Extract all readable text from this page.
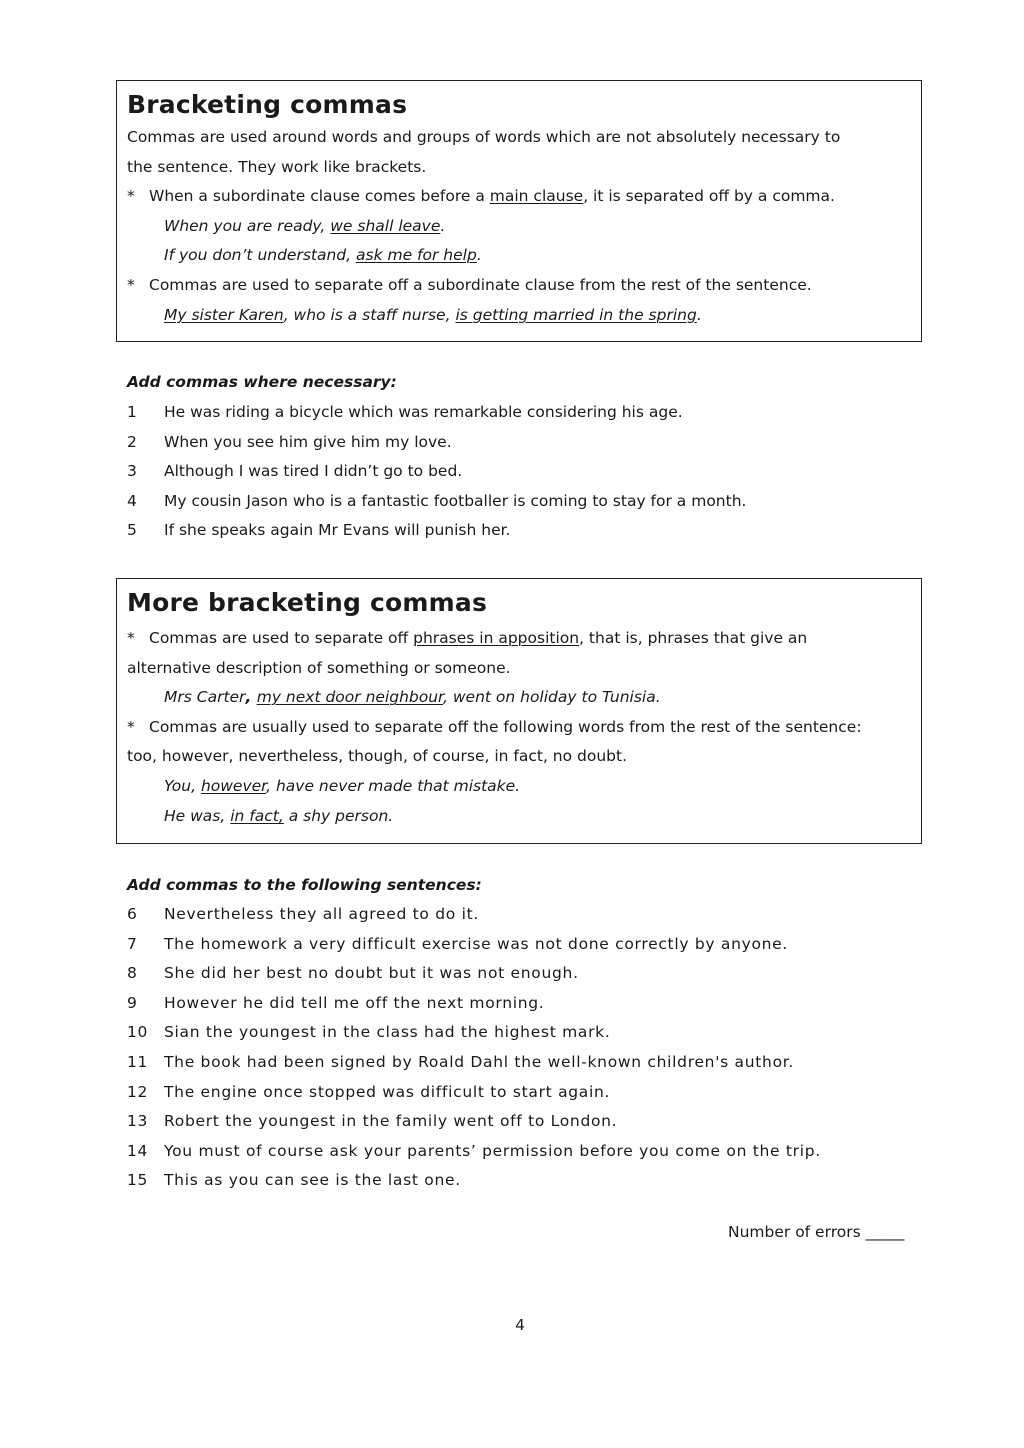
Bracketing commas

Commas are used around words and groups of words which are not absolutely necessary to

the sentence. They work like brackets.

* When a subordinate clause comes before a main clause, it is separated off by a comma.

When you are ready, we shall leave.

If you don’t understand, ask me for help.

* Commas are used to separate off a subordinate clause from the rest of the sentence.

My sister Karen, who is a staff nurse, is getting married in the spring.

Add commas where necessary:

1 He was riding a bicycle which was remarkable considering his age.
2 When you see him give him my love.
3 Although I was tired I didn’t go to bed.
4 My cousin Jason who is a fantastic footballer is coming to stay for a month.
5 If she speaks again Mr Evans will punish her.

More bracketing commas

* Commas are used to separate off phrases in apposition, that is, phrases that give an

alternative description of something or someone.

Mrs Carter, my next door neighbour, went on holiday to Tunisia.

* Commas are usually used to separate off the following words from the rest of the sentence:

too, however, nevertheless, though, of course, in fact, no doubt.

You, however, have never made that mistake.

He was, in fact, a shy person.

Add commas to the following sentences:

6 Nevertheless they all agreed to do it.
7 The homework a very difficult exercise was not done correctly by anyone.
8 She did her best no doubt but it was not enough.
9 However he did tell me off the next morning.
10 Sian the youngest in the class had the highest mark.
11 The book had been signed by Roald Dahl the well-known children's author.
12 The engine once stopped was difficult to start again.
13 Robert the youngest in the family went off to London.
14 You must of course ask your parents’ permission before you come on the trip.
15 This as you can see is the last one.
Number of errors _____
4
